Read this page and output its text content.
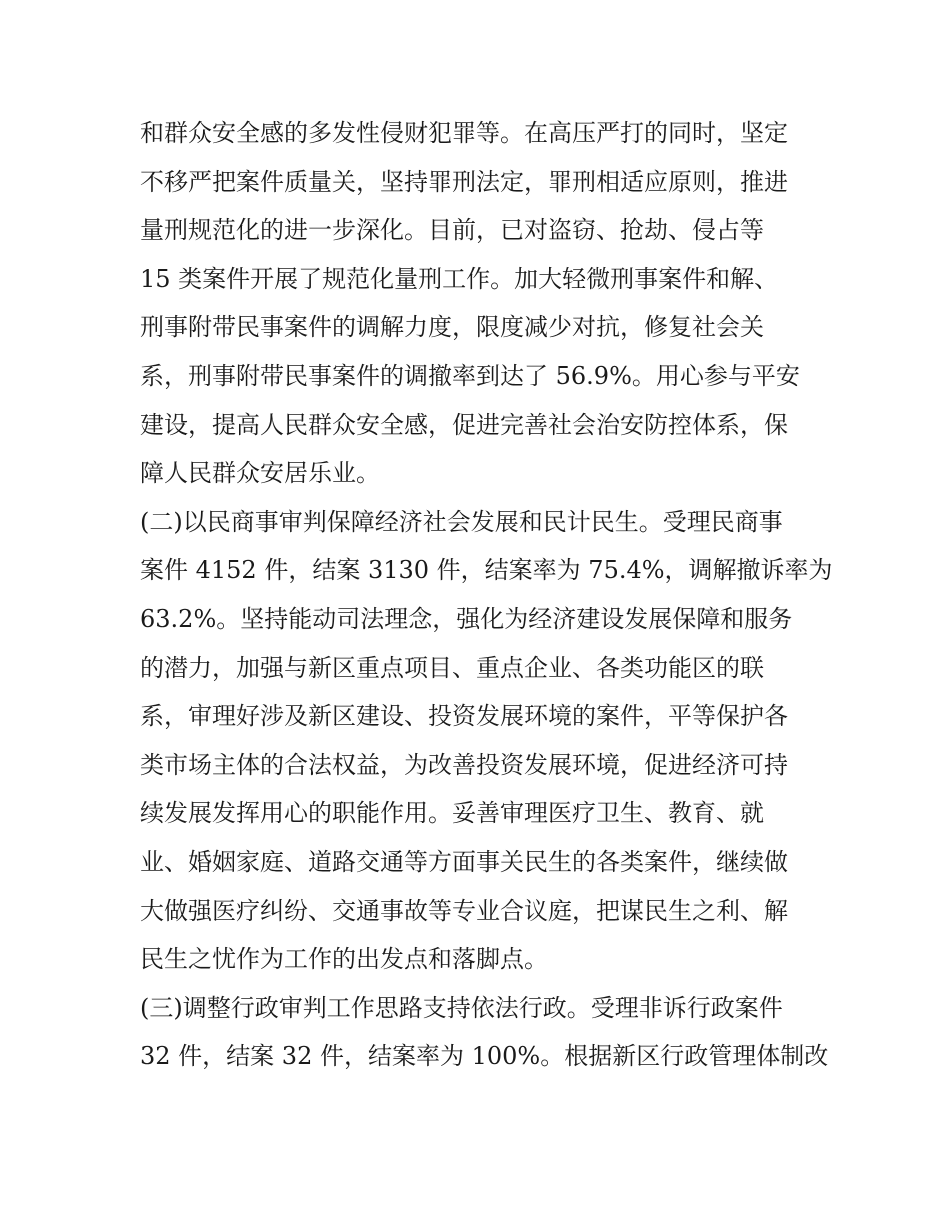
和群众安全感的多发性侵财犯罪等。在高压严打的同时，坚定
不移严把案件质量关，坚持罪刑法定，罪刑相适应原则，推进
量刑规范化的进一步深化。目前，已对盗窃、抢劫、侵占等
15 类案件开展了规范化量刑工作。加大轻微刑事案件和解、
刑事附带民事案件的调解力度，限度减少对抗，修复社会关
系，刑事附带民事案件的调撤率到达了 56.9%。用心参与平安
建设，提高人民群众安全感，促进完善社会治安防控体系，保
障人民群众安居乐业。
(二)以民商事审判保障经济社会发展和民计民生。受理民商事
案件 4152 件，结案 3130 件，结案率为 75.4%，调解撤诉率为
63.2%。坚持能动司法理念，强化为经济建设发展保障和服务
的潜力，加强与新区重点项目、重点企业、各类功能区的联
系，审理好涉及新区建设、投资发展环境的案件，平等保护各
类市场主体的合法权益，为改善投资发展环境，促进经济可持
续发展发挥用心的职能作用。妥善审理医疗卫生、教育、就
业、婚姻家庭、道路交通等方面事关民生的各类案件，继续做
大做强医疗纠纷、交通事故等专业合议庭，把谋民生之利、解
民生之忧作为工作的出发点和落脚点。
(三)调整行政审判工作思路支持依法行政。受理非诉行政案件
32 件，结案 32 件，结案率为 100%。根据新区行政管理体制改
